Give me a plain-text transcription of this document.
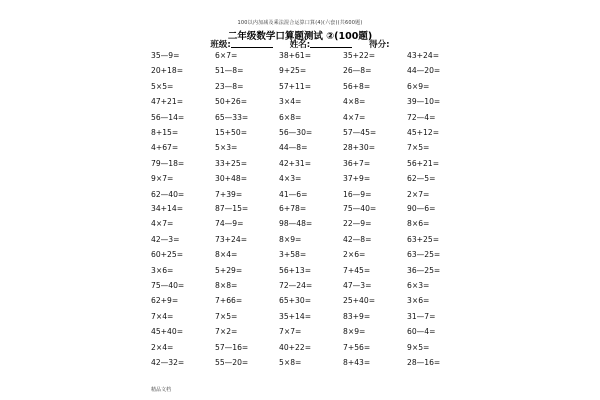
100以内加减及乘法混合运算口算(4)(六套)(共600题)
二年级数学口算题测试 ②(100题)
班级:	姓名:	得分:
35—9=	6×7=	38+61=	35+22=	43+24=
20+18=	51—8=	9+25=	26—8=	44—20=
5×5=	23—8=	57+11=	56+8=	6×9=
47+21=	50+26=	3×4=	4×8=	39—10=
56—14=	65—33=	6×8=	4×7=	72—4=
8+15=	15+50=	56—30=	57—45=	45+12=
4+67=	5×3=	44—8=	28+30=	7×5=
79—18=	33+25=	42+31=	36+7=	56+21=
9×7=	30+48=	4×3=	37+9=	62—5=
62—40=	7+39=	41—6=	16—9=	2×7=
34+14=	87—15=	6+78=	75—40=	90—6=
4×7=	74—9=	98—48=	22—9=	8×6=
42—3=	73+24=	8×9=	42—8=	63+25=
60+25=	8×4=	3+58=	2×6=	63—25=
3×6=	5+29=	56+13=	7+45=	36—25=
75—40=	8×8=	72—24=	47—3=	6×3=
62+9=	7+66=	65+30=	25+40=	3×6=
7×4=	7×5=	35+14=	83+9=	31—7=
45+40=	7×2=	7×7=	8×9=	60—4=
2×4=	57—16=	40+22=	7+56=	9×5=
42—32=	55—20=	5×8=	8+43=	28—16=
精品文档
